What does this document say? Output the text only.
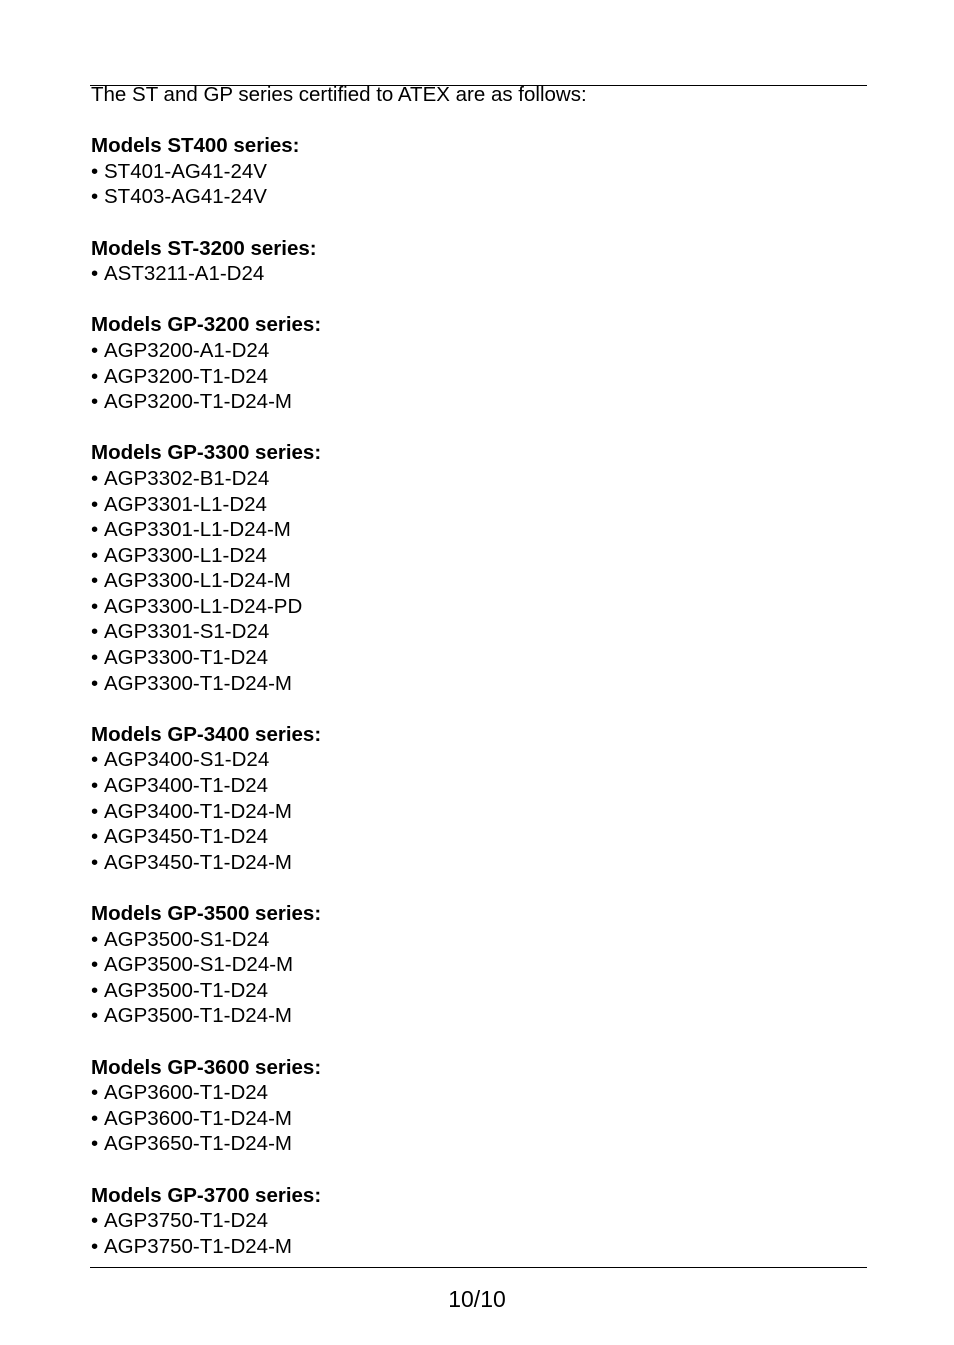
The ST and GP series certified to ATEX are as follows:

Models ST400 series:

• ST401-AG41-24V
• ST403-AG41-24V

Models ST-3200 series:

• AST3211-A1-D24

Models GP-3200 series:

• AGP3200-A1-D24
• AGP3200-T1-D24
• AGP3200-T1-D24-M

Models GP-3300 series:

• AGP3302-B1-D24
• AGP3301-L1-D24
• AGP3301-L1-D24-M
• AGP3300-L1-D24
• AGP3300-L1-D24-M
• AGP3300-L1-D24-PD
• AGP3301-S1-D24
• AGP3300-T1-D24
• AGP3300-T1-D24-M

Models GP-3400 series:

• AGP3400-S1-D24
• AGP3400-T1-D24
• AGP3400-T1-D24-M
• AGP3450-T1-D24
• AGP3450-T1-D24-M

Models GP-3500 series:

• AGP3500-S1-D24
• AGP3500-S1-D24-M
• AGP3500-T1-D24
• AGP3500-T1-D24-M

Models GP-3600 series:

• AGP3600-T1-D24
• AGP3600-T1-D24-M
• AGP3650-T1-D24-M

Models GP-3700 series:

• AGP3750-T1-D24
• AGP3750-T1-D24-M
10/10
